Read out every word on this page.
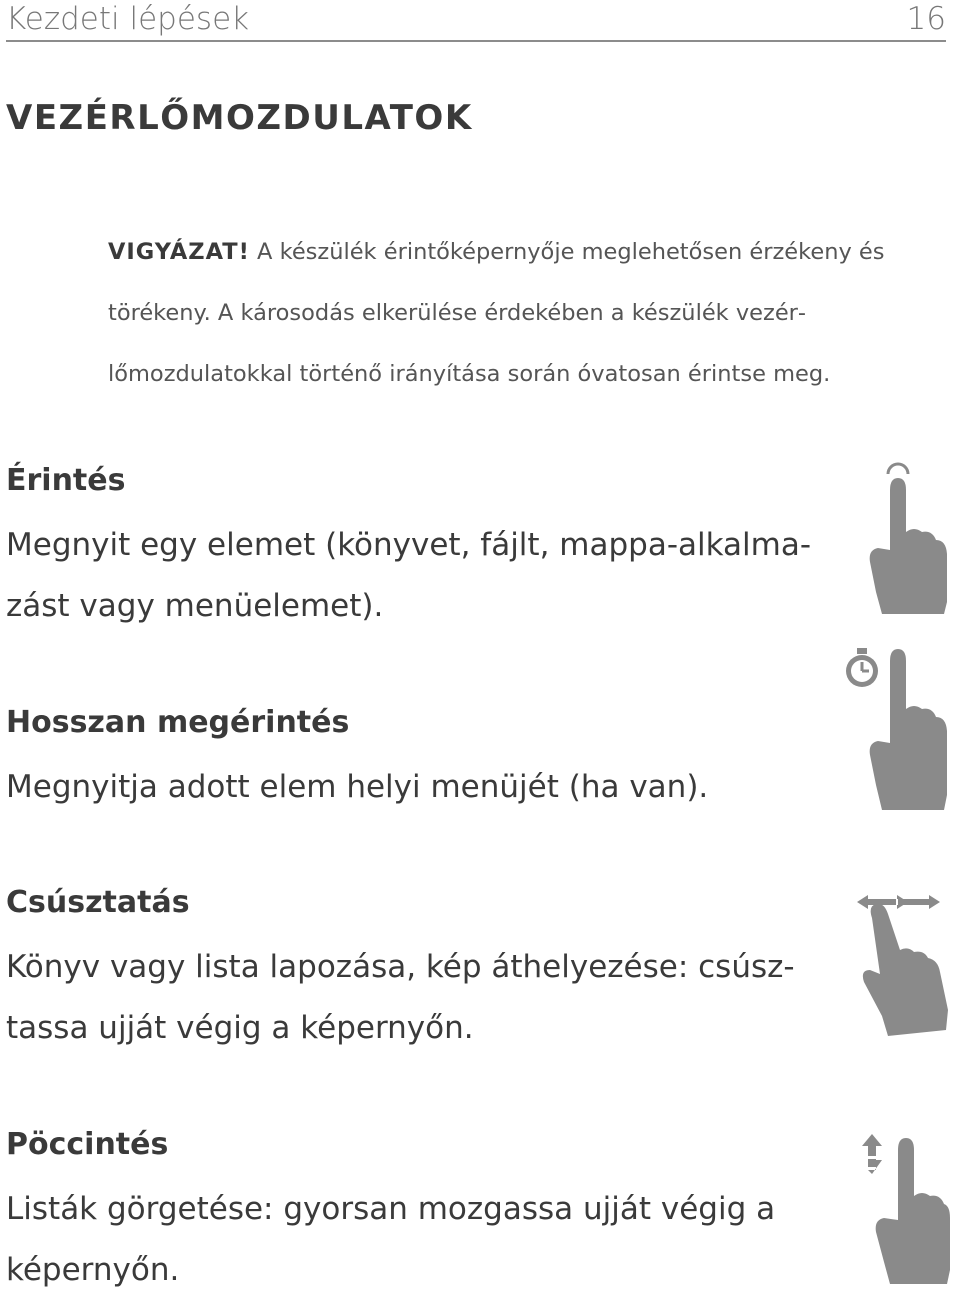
Kezdeti lépések	16
VEZÉRLŐMOZDULATOK
VIGYÁZAT! A készülék érintőképernyője meglehetősen érzékeny és törékeny. A károsodás elkerülése érdekében a készülék vezérlőmozdulatokkal történő irányítása során óvatosan érintse meg.
Érintés
Megnyit egy elemet (könyvet, fájlt, mappa-alkalma-
zást vagy menüelemet).
Hosszan megérintés
Megnyitja adott elem helyi menüjét (ha van).
Csúsztatás
Könyv vagy lista lapozása, kép áthelyezése: csúsz-
tassa ujját végig a képernyőn.
Pöccintés
Listák görgetése: gyorsan mozgassa ujját végig a
képernyőn.
